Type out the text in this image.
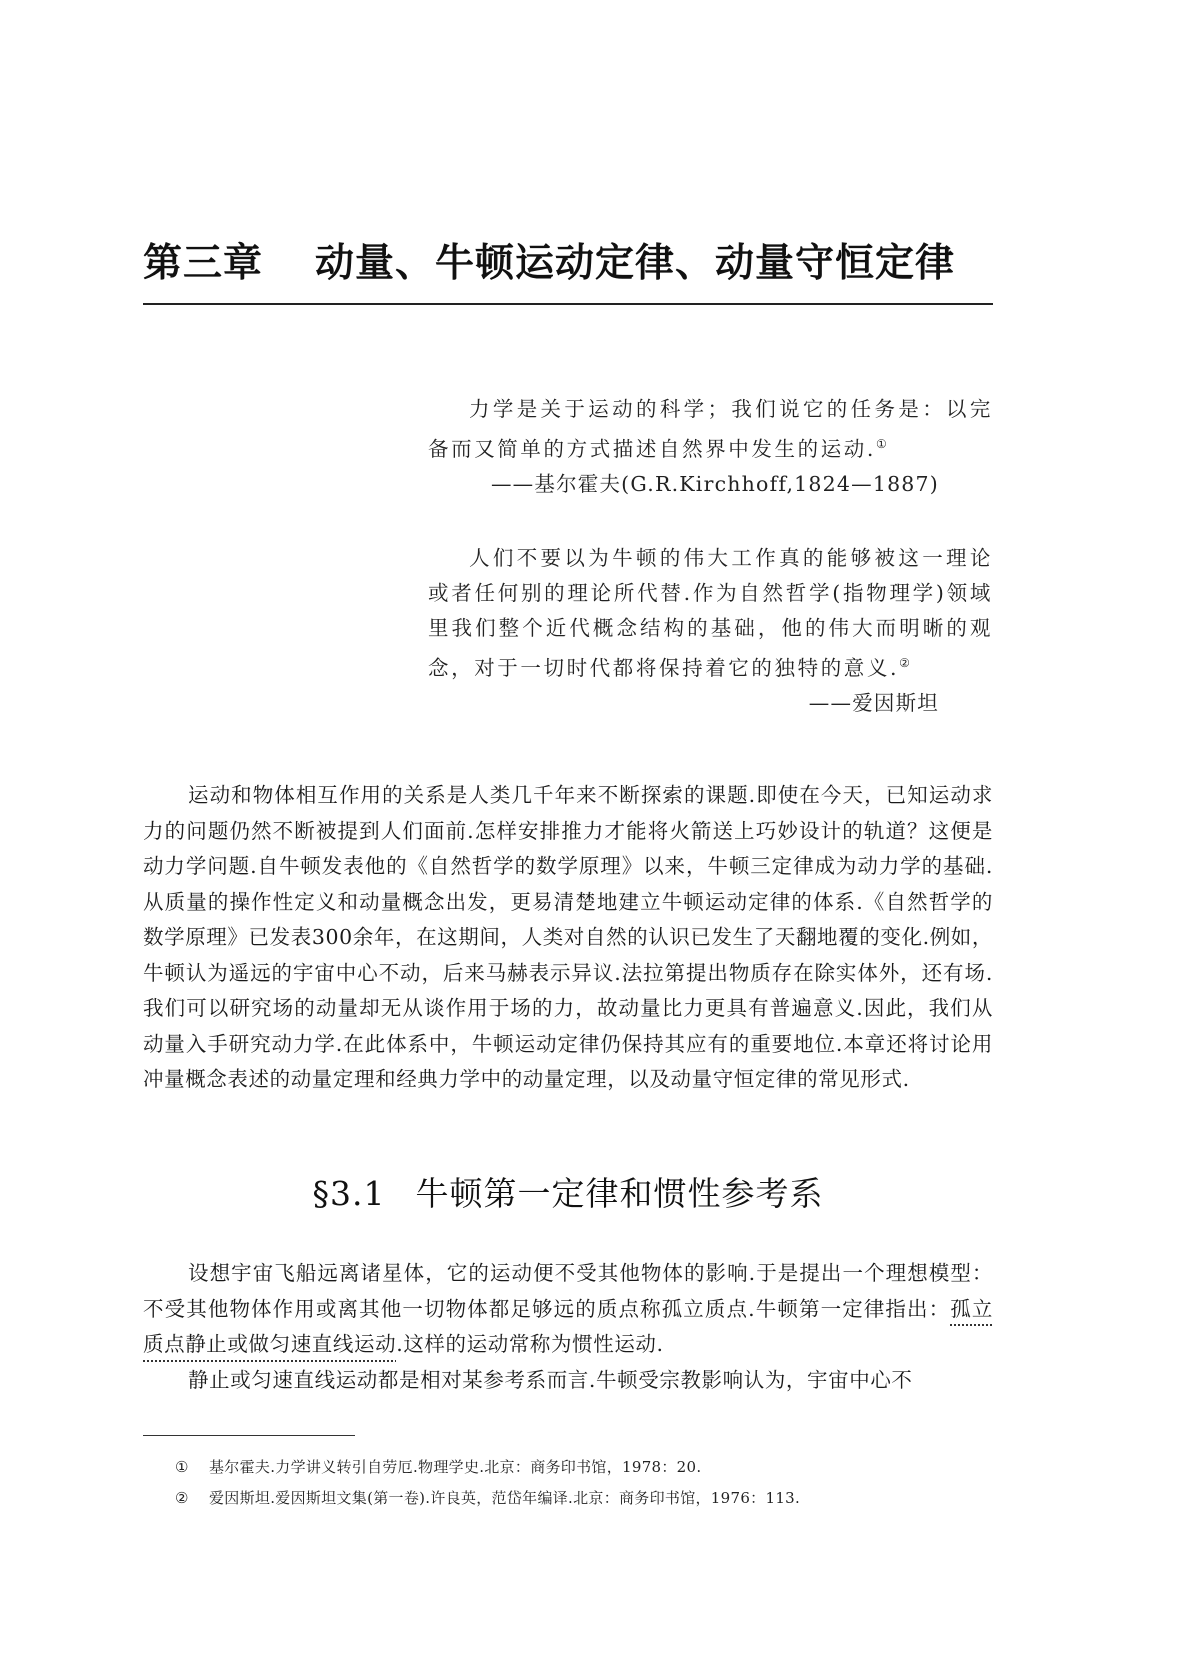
第三章 动量、牛顿运动定律、动量守恒定律

力学是关于运动的科学；我们说它的任务是：以完备而又简单的方式描述自然界中发生的运动.①

——基尔霍夫(G.R.Kirchhoff,1824—1887)

人们不要以为牛顿的伟大工作真的能够被这一理论或者任何别的理论所代替.作为自然哲学(指物理学)领域里我们整个近代概念结构的基础，他的伟大而明晰的观念，对于一切时代都将保持着它的独特的意义.②

——爱因斯坦

运动和物体相互作用的关系是人类几千年来不断探索的课题.即使在今天，已知运动求力的问题仍然不断被提到人们面前.怎样安排推力才能将火箭送上巧妙设计的轨道？这便是动力学问题.自牛顿发表他的《自然哲学的数学原理》以来，牛顿三定律成为动力学的基础.从质量的操作性定义和动量概念出发，更易清楚地建立牛顿运动定律的体系.《自然哲学的数学原理》已发表300余年，在这期间，人类对自然的认识已发生了天翻地覆的变化.例如，牛顿认为遥远的宇宙中心不动，后来马赫表示异议.法拉第提出物质存在除实体外，还有场.我们可以研究场的动量却无从谈作用于场的力，故动量比力更具有普遍意义.因此，我们从动量入手研究动力学.在此体系中，牛顿运动定律仍保持其应有的重要地位.本章还将讨论用冲量概念表述的动量定理和经典力学中的动量定理，以及动量守恒定律的常见形式.

§3.1 牛顿第一定律和惯性参考系

设想宇宙飞船远离诸星体，它的运动便不受其他物体的影响.于是提出一个理想模型：不受其他物体作用或离其他一切物体都足够远的质点称孤立质点.牛顿第一定律指出：孤立质点静止或做匀速直线运动.这样的运动常称为惯性运动.

静止或匀速直线运动都是相对某参考系而言.牛顿受宗教影响认为，宇宙中心不

① 基尔霍夫.力学讲义转引自劳厄.物理学史.北京：商务印书馆，1978：20.

② 爱因斯坦.爱因斯坦文集(第一卷).许良英，范岱年编译.北京：商务印书馆，1976：113.
